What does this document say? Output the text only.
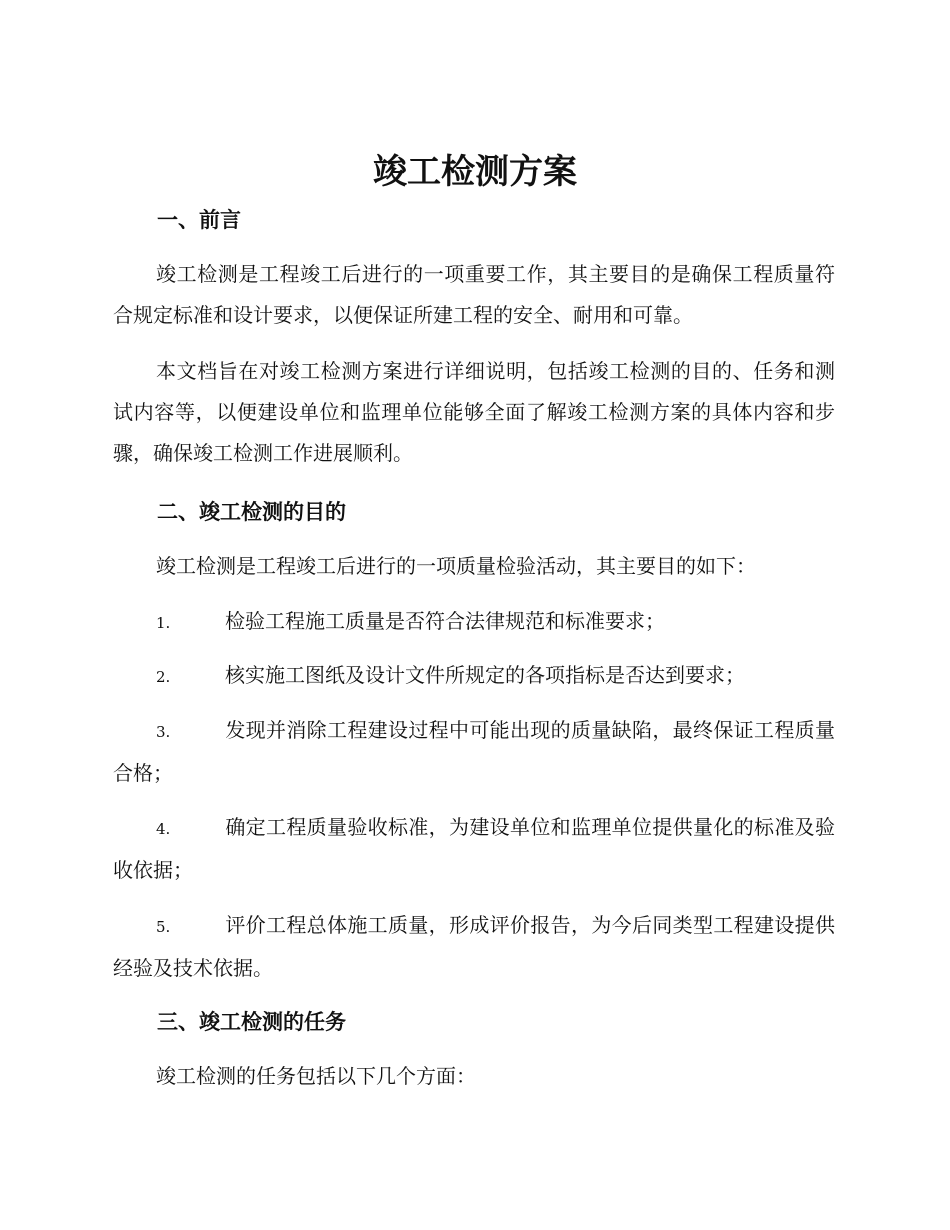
竣工检测方案
一、前言
竣工检测是工程竣工后进行的一项重要工作，其主要目的是确保工程质量符合规定标准和设计要求，以便保证所建工程的安全、耐用和可靠。
本文档旨在对竣工检测方案进行详细说明，包括竣工检测的目的、任务和测试内容等，以便建设单位和监理单位能够全面了解竣工检测方案的具体内容和步骤，确保竣工检测工作进展顺利。
二、竣工检测的目的
竣工检测是工程竣工后进行的一项质量检验活动，其主要目的如下：
1.	检验工程施工质量是否符合法律规范和标准要求；
2.	核实施工图纸及设计文件所规定的各项指标是否达到要求；
3.	发现并消除工程建设过程中可能出现的质量缺陷，最终保证工程质量合格；
4.	确定工程质量验收标准，为建设单位和监理单位提供量化的标准及验收依据；
5.	评价工程总体施工质量，形成评价报告，为今后同类型工程建设提供经验及技术依据。
三、竣工检测的任务
竣工检测的任务包括以下几个方面：
